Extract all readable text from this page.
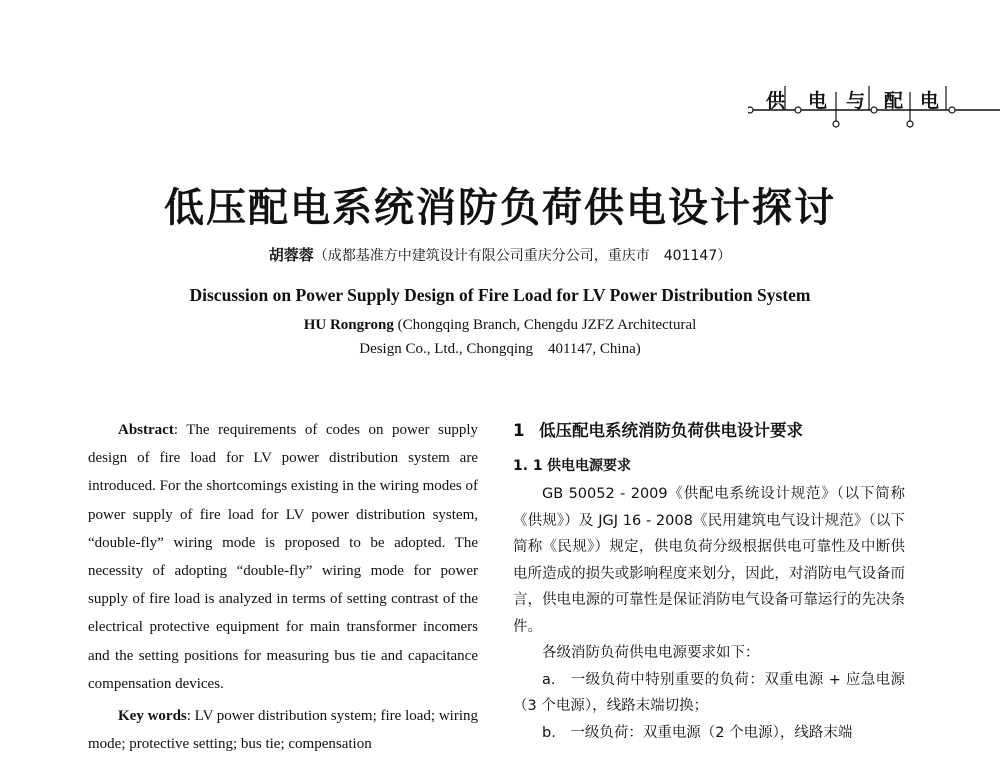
供 电 与 配 电
低压配电系统消防负荷供电设计探讨
胡蓉蓉（成都基准方中建筑设计有限公司重庆分公司，重庆市　401147）
Discussion on Power Supply Design of Fire Load for LV Power Distribution System
HU Rongrong (Chongqing Branch, Chengdu JZFZ Architectural
Design Co., Ltd., Chongqing　401147, China)

Abstract: The requirements of codes on power supply design of fire load for LV power distribution system are introduced. For the shortcomings existing in the wiring modes of power supply of fire load for LV power distribution system, “double-fly” wiring mode is proposed to be adopted. The necessity of adopting “double-fly” wiring mode for power supply of fire load is analyzed in terms of setting contrast of the electrical protective equipment for main transformer incomers and the setting positions for measuring bus tie and capacitance compensation devices.

Key words: LV power distribution system; fire load; wiring mode; protective setting; bus tie; compensation

1 低压配电系统消防负荷供电设计要求
1. 1 供电电源要求

GB 50052 - 2009《供配电系统设计规范》（以下简称《供规》）及 JGJ 16 - 2008《民用建筑电气设计规范》（以下简称《民规》）规定，供电负荷分级根据供电可靠性及中断供电所造成的损失或影响程度来划分，因此，对消防电气设备而言，供电电源的可靠性是保证消防电气设备可靠运行的先决条件。

各级消防负荷供电电源要求如下：

a.　一级负荷中特别重要的负荷：双重电源 + 应急电源（3 个电源），线路末端切换；

b.　一级负荷：双重电源（2 个电源），线路末端
